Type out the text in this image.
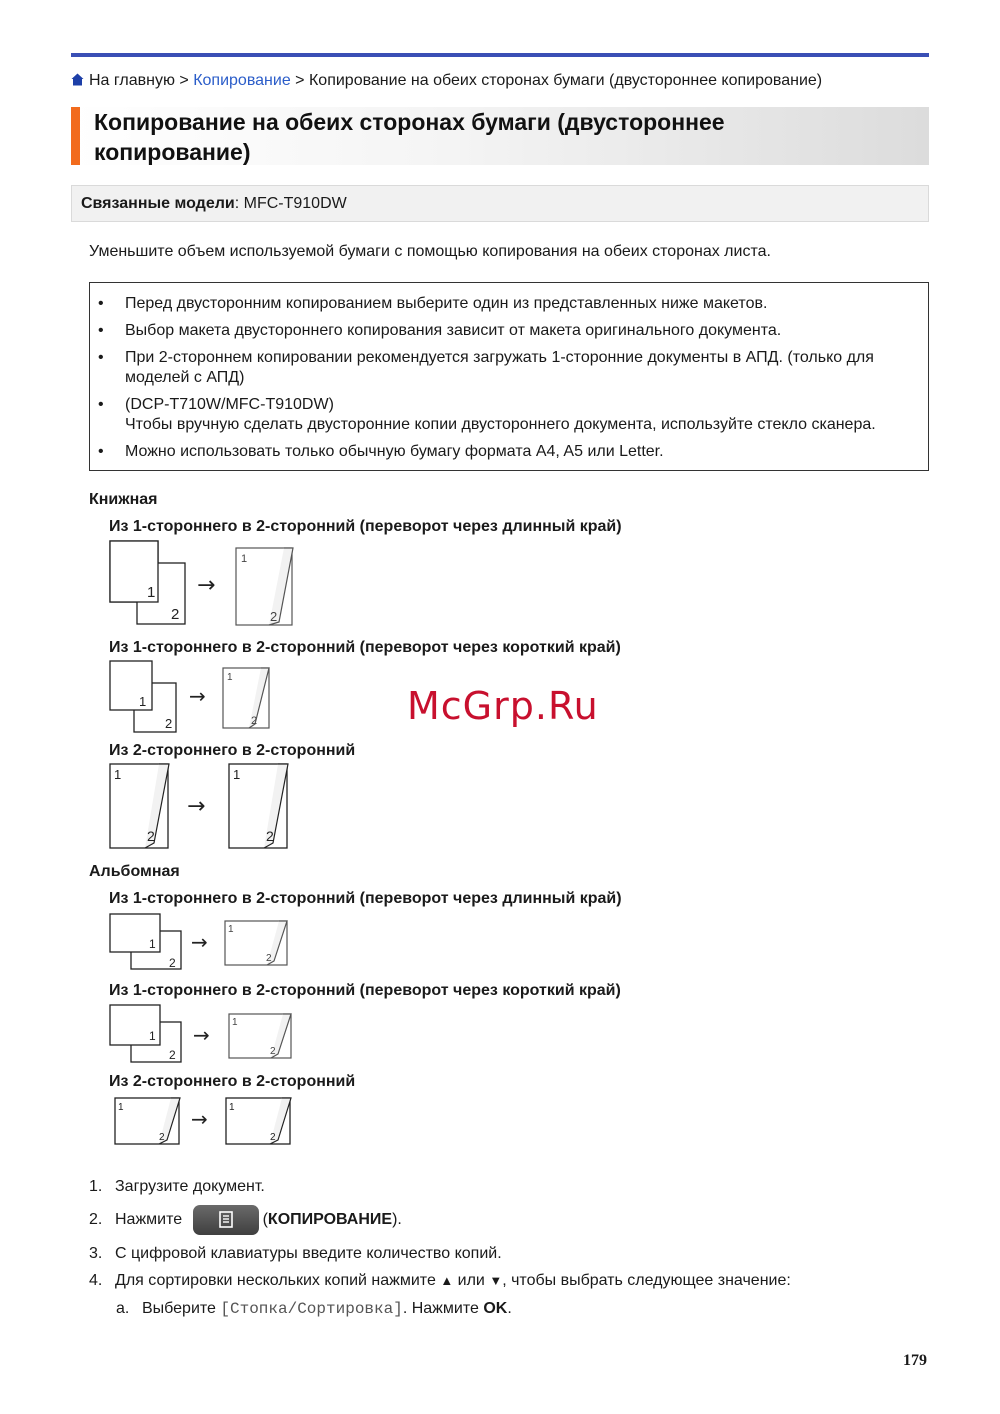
На главную > Копирование > Копирование на обеих сторонах бумаги (двустороннее копирование)
Копирование на обеих сторонах бумаги (двустороннее копирование)
Связанные модели: MFC-T910DW
Уменьшите объем используемой бумаги с помощью копирования на обеих сторонах листа.
• Перед двусторонним копированием выберите один из представленных ниже макетов.
• Выбор макета двустороннего копирования зависит от макета оригинального документа.
• При 2-стороннем копировании рекомендуется загружать 1-сторонние документы в АПД. (только для
моделей с АПД)
• (DCP-T710W/MFC-T910DW)
Чтобы вручную сделать двусторонние копии двустороннего документа, используйте стекло сканера.
• Можно использовать только обычную бумагу формата A4, A5 или Letter.
Книжная
Из 1-стороннего в 2-сторонний (переворот через длинный край)
1
2
→
1
2
Из 1-стороннего в 2-сторонний (переворот через короткий край)
1
2
→
1
2
Из 2-стороннего в 2-сторонний
1
2
→
1
2
Альбомная
Из 1-стороннего в 2-сторонний (переворот через длинный край)
1
2
→
1
2
Из 1-стороннего в 2-сторонний (переворот через короткий край)
1
2
→
1
2
Из 2-стороннего в 2-сторонний
1
2
→ 1
2
McGrp.Ru
1. Загрузите документ.
2. Нажмите	(КОПИРОВАНИЕ).
3. С цифровой клавиатуры введите количество копий.
4. Для сортировки нескольких копий нажмите ▲ или ▼, чтобы выбрать следующее значение:
a. Выберите [Стопка/Сортировка]. Нажмите OK.
179
